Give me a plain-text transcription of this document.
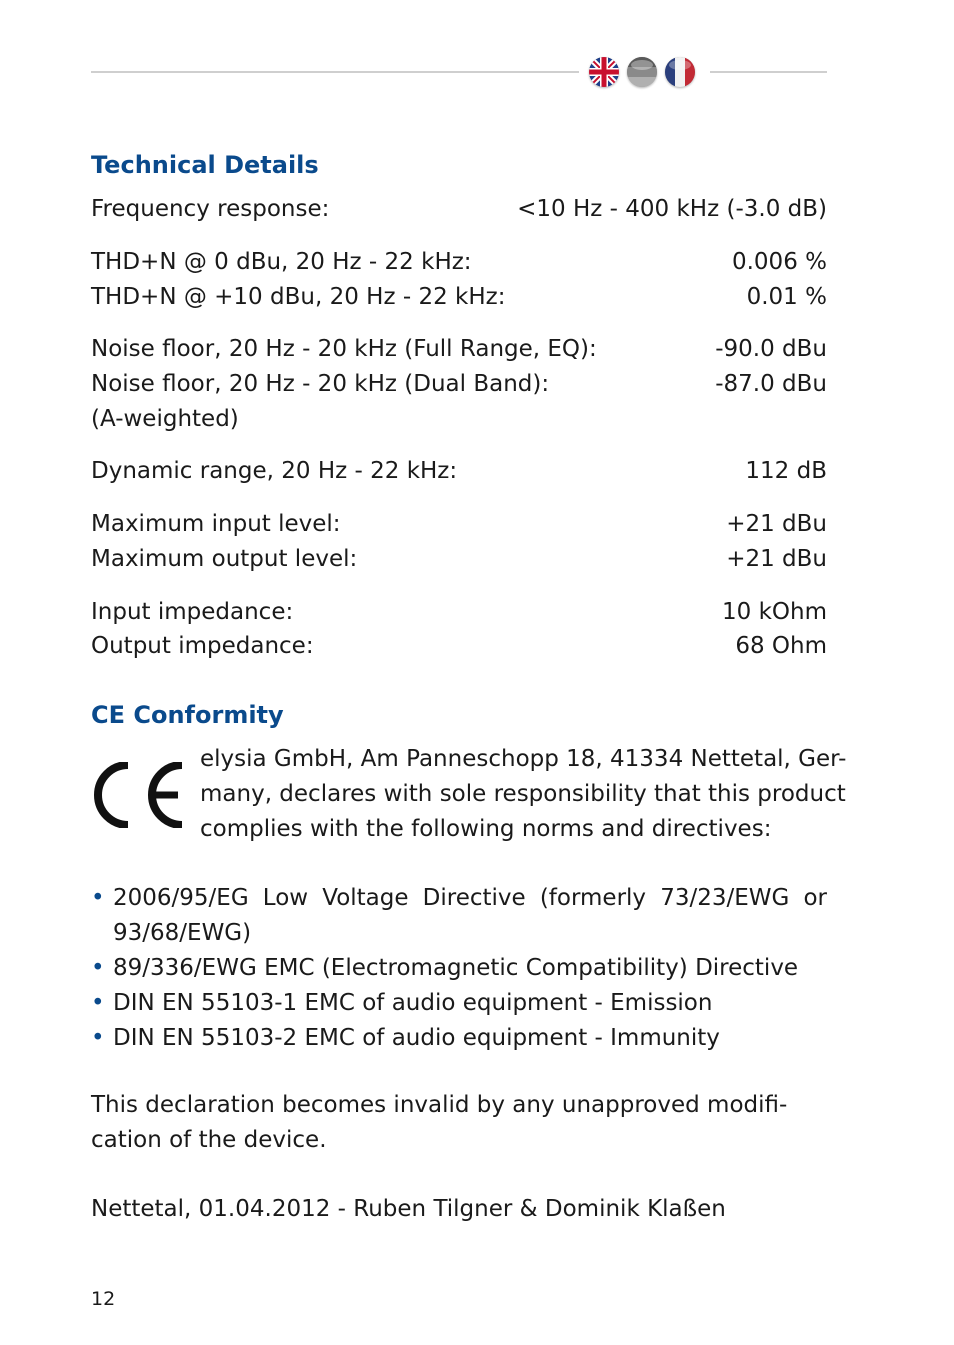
Technical Details
Frequency response:	<10 Hz - 400 kHz (-3.0 dB)
THD+N @ 0 dBu, 20 Hz - 22 kHz:	0.006 %
THD+N @ +10 dBu, 20 Hz - 22 kHz:	0.01 %
Noise floor, 20 Hz - 20 kHz (Full Range, EQ):	-90.0 dBu
Noise floor, 20 Hz - 20 kHz (Dual Band):	-87.0 dBu
(A-weighted)
Dynamic range, 20 Hz - 22 kHz:	112 dB
Maximum input level:	+21 dBu
Maximum output level:	+21 dBu
Input impedance:	10 kOhm
Output impedance:	68 Ohm
CE Conformity
elysia GmbH, Am Panneschopp 18, 41334 Nettetal, Ger-
many, declares with sole responsibility that this product
complies with the following norms and directives:
• 2006/95/EG Low Voltage Directive (formerly 73/23/EWG or
93/68/EWG)
• 89/336/EWG EMC (Electromagnetic Compatibility) Directive
• DIN EN 55103-1 EMC of audio equipment - Emission
• DIN EN 55103-2 EMC of audio equipment - Immunity
This declaration becomes invalid by any unapproved modifi-
cation of the device.
Nettetal, 01.04.2012 - Ruben Tilgner & Dominik Klaßen
12
